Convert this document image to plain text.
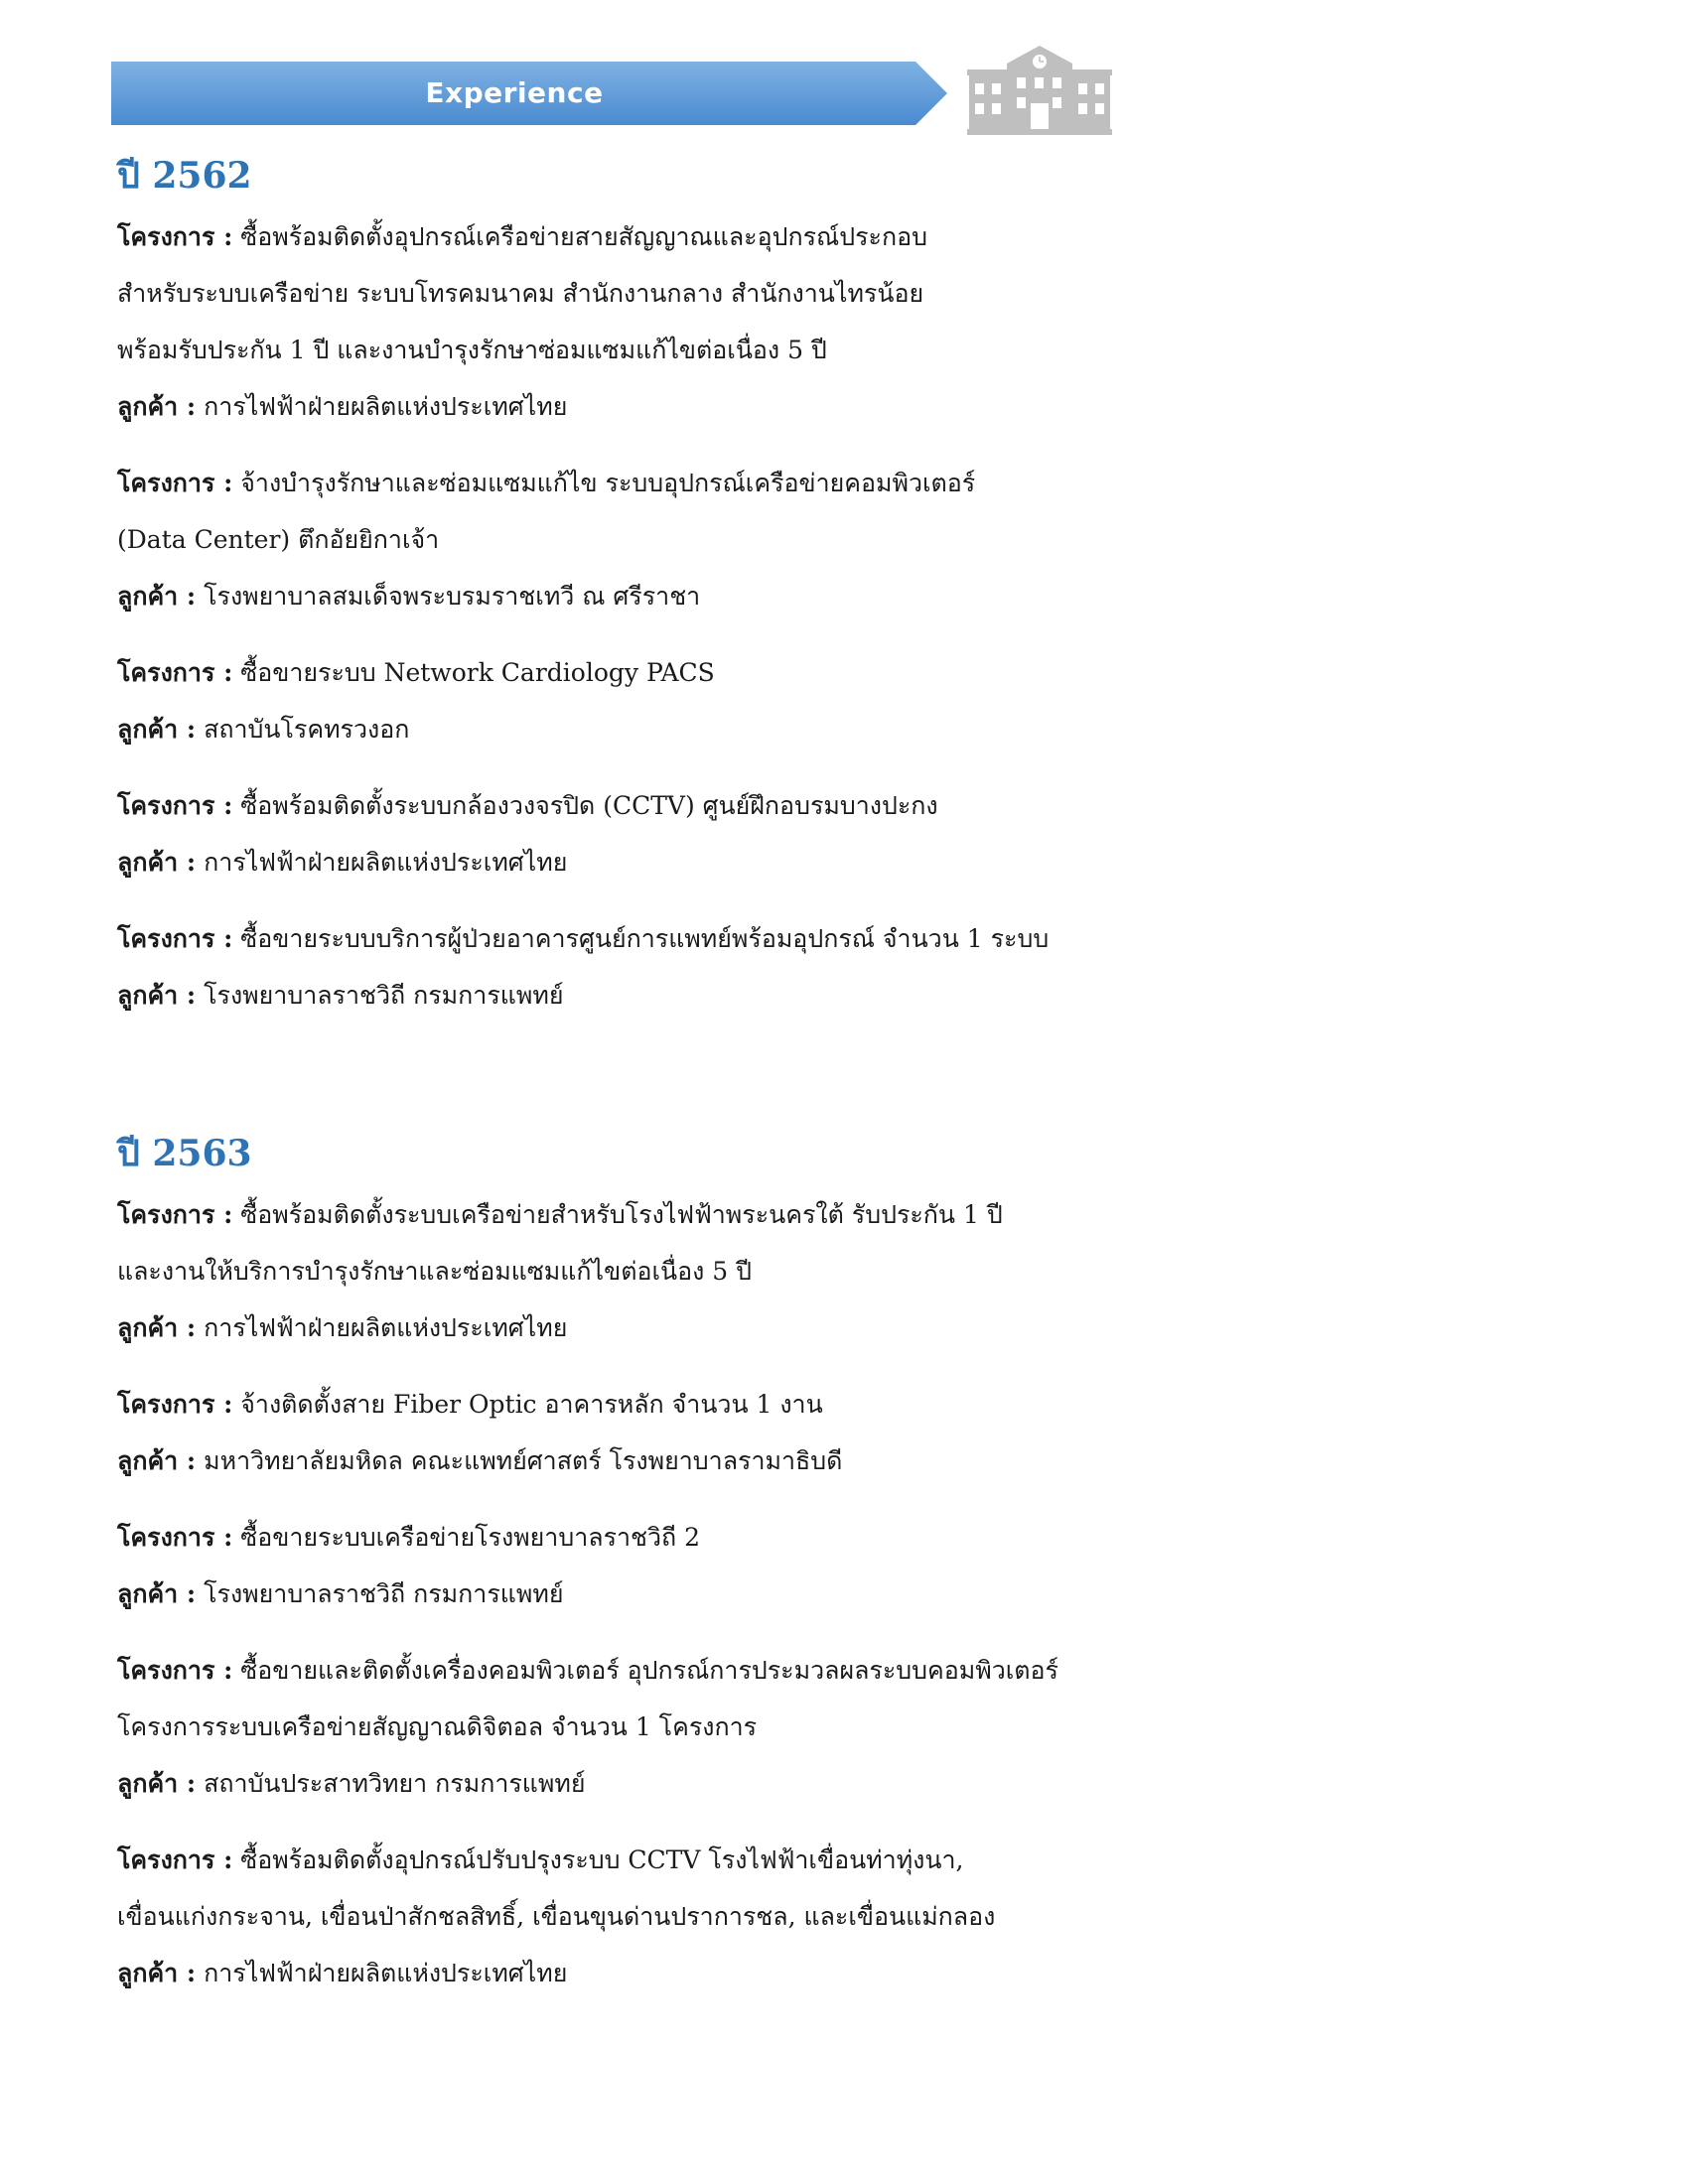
Experience
ปี 2562
โครงการ : ซื้อพร้อมติดตั้งอุปกรณ์เครือข่ายสายสัญญาณและอุปกรณ์ประกอบ
สำหรับระบบเครือข่าย ระบบโทรคมนาคม สำนักงานกลาง สำนักงานไทรน้อย
พร้อมรับประกัน 1 ปี และงานบำรุงรักษาซ่อมแซมแก้ไขต่อเนื่อง 5 ปี
ลูกค้า : การไฟฟ้าฝ่ายผลิตแห่งประเทศไทย
โครงการ : จ้างบำรุงรักษาและซ่อมแซมแก้ไข ระบบอุปกรณ์เครือข่ายคอมพิวเตอร์
(Data Center) ตึกอัยยิกาเจ้า
ลูกค้า : โรงพยาบาลสมเด็จพระบรมราชเทวี ณ ศรีราชา
โครงการ : ซื้อขายระบบ Network Cardiology PACS
ลูกค้า : สถาบันโรคทรวงอก
โครงการ : ซื้อพร้อมติดตั้งระบบกล้องวงจรปิด (CCTV) ศูนย์ฝึกอบรมบางปะกง
ลูกค้า : การไฟฟ้าฝ่ายผลิตแห่งประเทศไทย
โครงการ : ซื้อขายระบบบริการผู้ป่วยอาคารศูนย์การแพทย์พร้อมอุปกรณ์ จำนวน 1 ระบบ
ลูกค้า : โรงพยาบาลราชวิถี กรมการแพทย์
ปี 2563
โครงการ : ซื้อพร้อมติดตั้งระบบเครือข่ายสำหรับโรงไฟฟ้าพระนครใต้ รับประกัน 1 ปี
และงานให้บริการบำรุงรักษาและซ่อมแซมแก้ไขต่อเนื่อง 5 ปี
ลูกค้า : การไฟฟ้าฝ่ายผลิตแห่งประเทศไทย
โครงการ : จ้างติดตั้งสาย Fiber Optic อาคารหลัก จำนวน 1 งาน
ลูกค้า : มหาวิทยาลัยมหิดล คณะแพทย์ศาสตร์ โรงพยาบาลรามาธิบดี
โครงการ : ซื้อขายระบบเครือข่ายโรงพยาบาลราชวิถี 2
ลูกค้า : โรงพยาบาลราชวิถี กรมการแพทย์
โครงการ : ซื้อขายและติดตั้งเครื่องคอมพิวเตอร์ อุปกรณ์การประมวลผลระบบคอมพิวเตอร์
โครงการระบบเครือข่ายสัญญาณดิจิตอล จำนวน 1 โครงการ
ลูกค้า : สถาบันประสาทวิทยา กรมการแพทย์
โครงการ : ซื้อพร้อมติดตั้งอุปกรณ์ปรับปรุงระบบ CCTV โรงไฟฟ้าเขื่อนท่าทุ่งนา,
เขื่อนแก่งกระจาน, เขื่อนป่าสักชลสิทธิ์, เขื่อนขุนด่านปราการชล, และเขื่อนแม่กลอง
ลูกค้า : การไฟฟ้าฝ่ายผลิตแห่งประเทศไทย
